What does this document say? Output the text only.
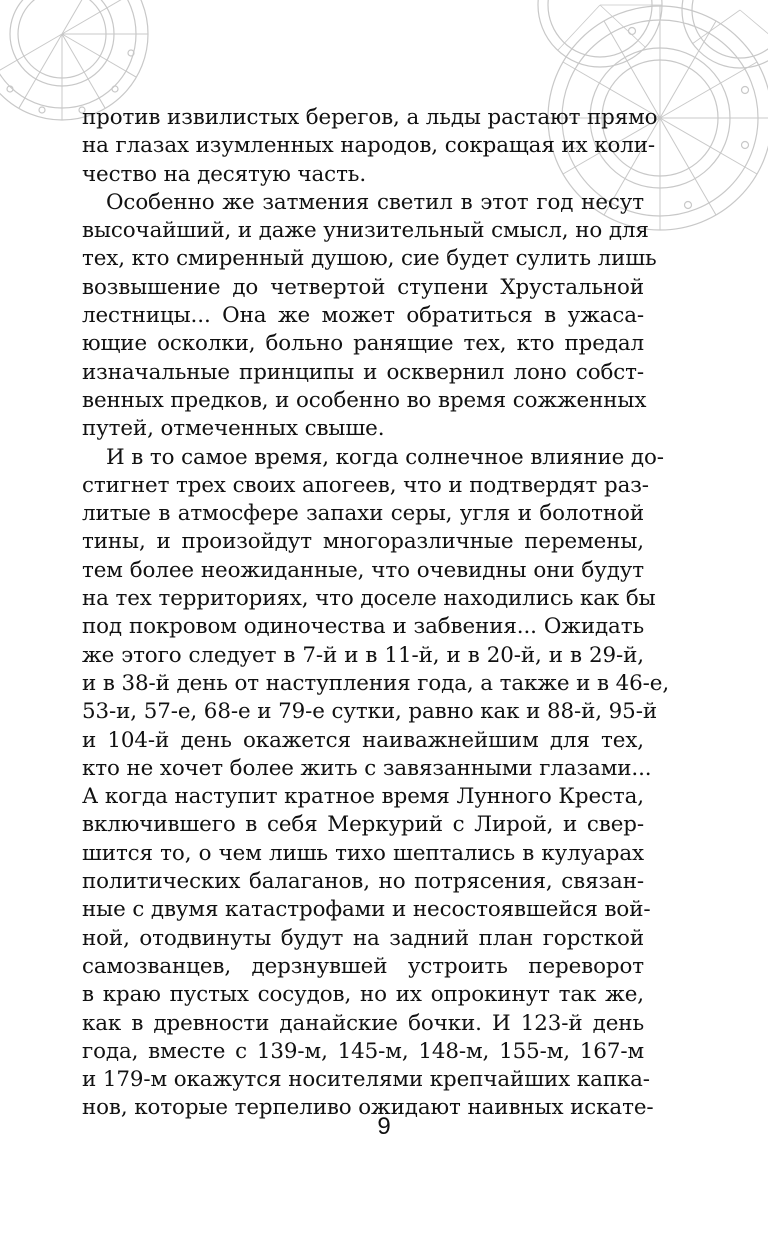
против извилистых берегов, а льды растают прямо
на глазах изумленных народов, сокращая их коли-
чество на десятую часть.
Особенно же затмения светил в этот год несут
высочайший, и даже унизительный смысл, но для
тех, кто смиренный душою, сие будет сулить лишь
возвышение до четвертой ступени Хрустальной
лестницы... Она же может обратиться в ужаса-
ющие осколки, больно ранящие тех, кто предал
изначальные принципы и осквернил лоно собст-
венных предков, и особенно во время сожженных
путей, отмеченных свыше.
И в то самое время, когда солнечное влияние до-
стигнет трех своих апогеев, что и подтвердят раз-
литые в атмосфере запахи серы, угля и болотной
тины, и произойдут многоразличные перемены,
тем более неожиданные, что очевидны они будут
на тех территориях, что доселе находились как бы
под покровом одиночества и забвения... Ожидать
же этого следует в 7-й и в 11-й, и в 20-й, и в 29-й,
и в 38-й день от наступления года, а также и в 46-е,
53-и, 57-е, 68-е и 79-е сутки, равно как и 88-й, 95-й
и 104-й день окажется наиважнейшим для тех,
кто не хочет более жить с завязанными глазами...
А когда наступит кратное время Лунного Креста,
включившего в себя Меркурий с Лирой, и свер-
шится то, о чем лишь тихо шептались в кулуарах
политических балаганов, но потрясения, связан-
ные с двумя катастрофами и несостоявшейся вой-
ной, отодвинуты будут на задний план горсткой
самозванцев, дерзнувшей устроить переворот
в краю пустых сосудов, но их опрокинут так же,
как в древности данайские бочки. И 123-й день
года, вместе с 139-м, 145-м, 148-м, 155-м, 167-м
и 179-м окажутся носителями крепчайших капка-
нов, которые терпеливо ожидают наивных искате-
9
